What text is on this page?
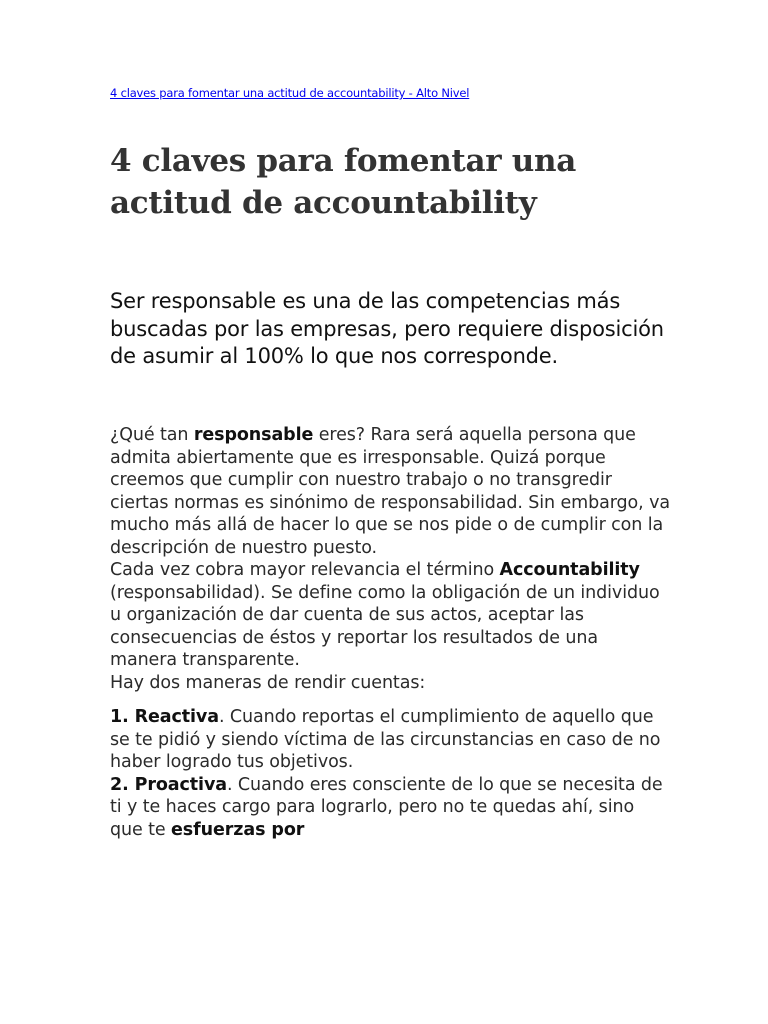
4 claves para fomentar una actitud de accountability - Alto Nivel
4 claves para fomentar una
actitud de accountability

Ser responsable es una de las competencias más buscadas por las empresas, pero requiere disposición de asumir al 100% lo que nos corresponde.

¿Qué tan responsable eres? Rara será aquella persona que admita abiertamente que es irresponsable. Quizá porque creemos que cumplir con nuestro trabajo o no transgredir ciertas normas es sinónimo de responsabilidad. Sin embargo, va mucho más allá de hacer lo que se nos pide o de cumplir con la descripción de nuestro puesto.

Cada vez cobra mayor relevancia el término Accountability (responsabilidad). Se define como la obligación de un individuo u organización de dar cuenta de sus actos, aceptar las consecuencias de éstos y reportar los resultados de una manera transparente.

Hay dos maneras de rendir cuentas:

1. Reactiva. Cuando reportas el cumplimiento de aquello que se te pidió y siendo víctima de las circunstancias en caso de no haber logrado tus objetivos.

2. Proactiva. Cuando eres consciente de lo que se necesita de ti y te haces cargo para lograrlo, pero no te quedas ahí, sino que te esfuerzas por
